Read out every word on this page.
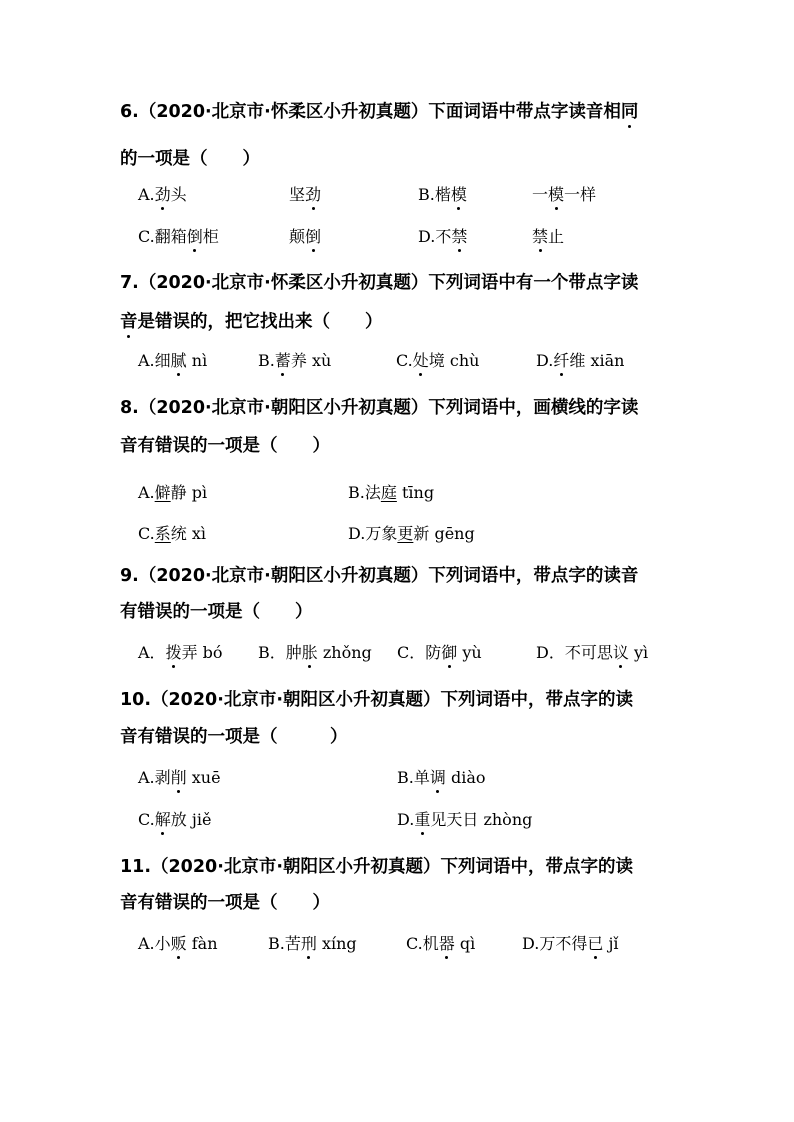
6.（2020·北京市·怀柔区小升初真题）下面词语中带点字读音相同
的一项是（　　）
A.劲头	坚劲	B.楷模	一模一样
C.翻箱倒柜	颠倒	D.不禁	禁止
7.（2020·北京市·怀柔区小升初真题）下列词语中有一个带点字读
音是错误的，把它找出来（　　）
A.细腻 nì	B.蓄养 xù	C.处境 chù	D.纤维 xiān
8.（2020·北京市·朝阳区小升初真题）下列词语中，画横线的字读
音有错误的一项是（　　）
A.僻静 pì	B.法庭 tīng
C.系统 xì	D.万象更新 gēng
9.（2020·北京市·朝阳区小升初真题）下列词语中，带点字的读音
有错误的一项是（　　）
A．拨弄 bó B．肿胀 zhǒng C．防御 yù	D．不可思议 yì
10.（2020·北京市·朝阳区小升初真题）下列词语中，带点字的读
音有错误的一项是（　　　）
A.剥削 xuē	B.单调 diào
C.解放 jiě	D.重见天日 zhòng
11.（2020·北京市·朝阳区小升初真题）下列词语中，带点字的读
音有错误的一项是（　　）
A.小贩 fàn	B.苦刑 xíng	C.机器 qì	D.万不得已 jǐ
